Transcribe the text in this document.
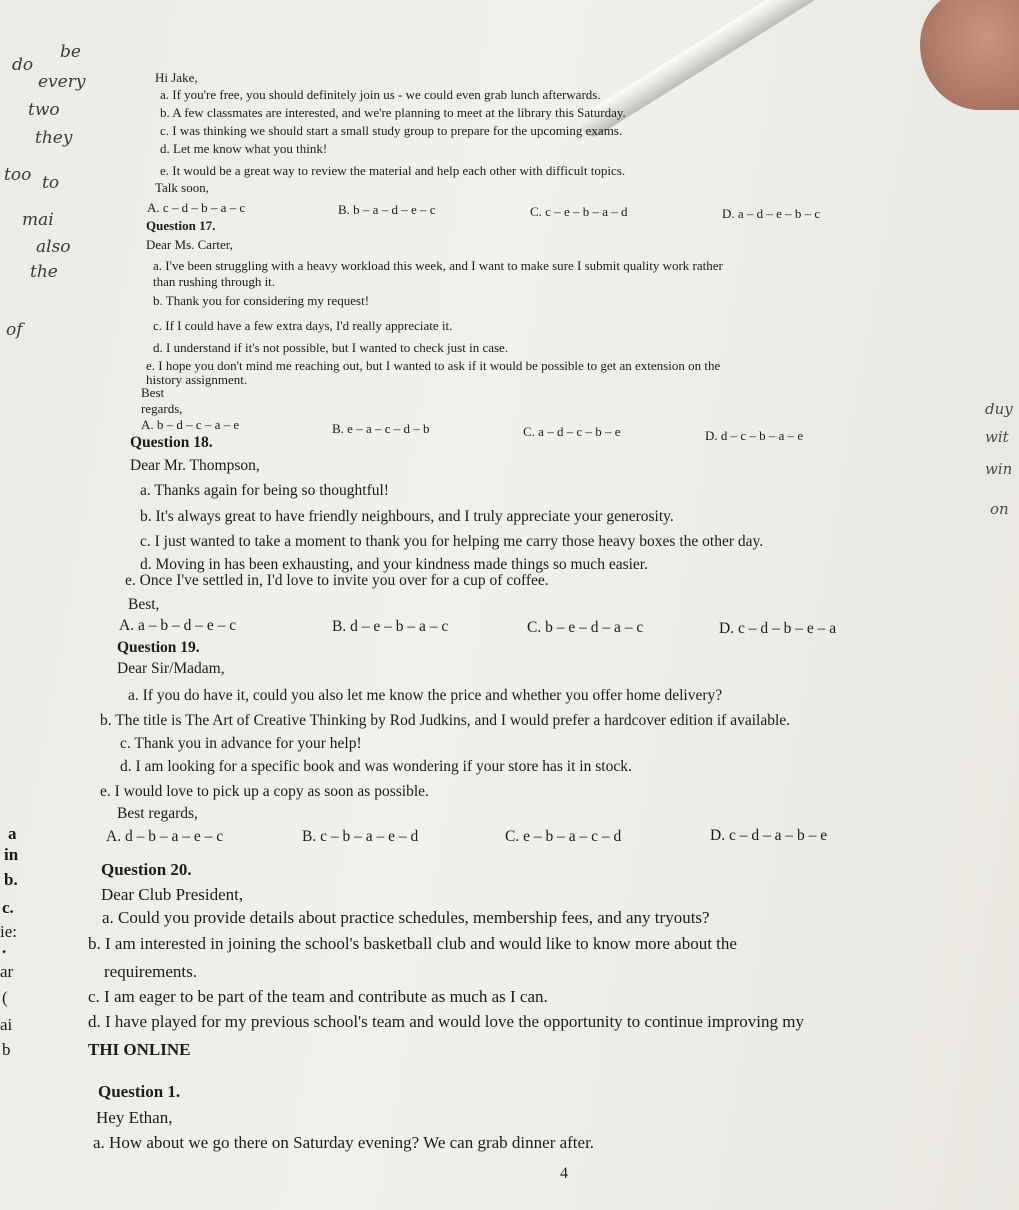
do
be
every
two
they
too to
mai
also
the
of
a
in
b.
c.
ie:
.
ar
(
ai
b
duy
wit
win
on
Hi Jake,
a. If you're free, you should definitely join us - we could even grab lunch afterwards.
b. A few classmates are interested, and we're planning to meet at the library this Saturday.
c. I was thinking we should start a small study group to prepare for the upcoming exams.
d. Let me know what you think!
e. It would be a great way to review the material and help each other with difficult topics.
Talk soon,
A. c – d – b – a – c	B. b – a – d – e – c	C. c – e – b – a – d	D. a – d – e – b – c
Question 17.
Dear Ms. Carter,
a. I've been struggling with a heavy workload this week, and I want to make sure I submit quality work rather
than rushing through it.
b. Thank you for considering my request!
c. If I could have a few extra days, I'd really appreciate it.
d. I understand if it's not possible, but I wanted to check just in case.
e. I hope you don't mind me reaching out, but I wanted to ask if it would be possible to get an extension on the
history assignment.
Best
regards,
A. b – d – c – a – e	B. e – a – c – d – b	C. a – d – c – b – e	D. d – c – b – a – e
Question 18.
Dear Mr. Thompson,
a. Thanks again for being so thoughtful!
b. It's always great to have friendly neighbours, and I truly appreciate your generosity.
c. I just wanted to take a moment to thank you for helping me carry those heavy boxes the other day.
d. Moving in has been exhausting, and your kindness made things so much easier.
e. Once I've settled in, I'd love to invite you over for a cup of coffee.
Best,
A. a – b – d – e – c	B. d – e – b – a – c	C. b – e – d – a – c	D. c – d – b – e – a
Question 19.
Dear Sir/Madam,
a. If you do have it, could you also let me know the price and whether you offer home delivery?
b. The title is The Art of Creative Thinking by Rod Judkins, and I would prefer a hardcover edition if available.
c. Thank you in advance for your help!
d. I am looking for a specific book and was wondering if your store has it in stock.
e. I would love to pick up a copy as soon as possible.
Best regards,
A. d – b – a – e – c	B. c – b – a – e – d	C. e – b – a – c – d	D. c – d – a – b – e
Question 20.
Dear Club President,
a. Could you provide details about practice schedules, membership fees, and any tryouts?
b. I am interested in joining the school's basketball club and would like to know more about the
requirements.
c. I am eager to be part of the team and contribute as much as I can.
d. I have played for my previous school's team and would love the opportunity to continue improving my
THI ONLINE
Question 1.
Hey Ethan,
a. How about we go there on Saturday evening? We can grab dinner after.
4
